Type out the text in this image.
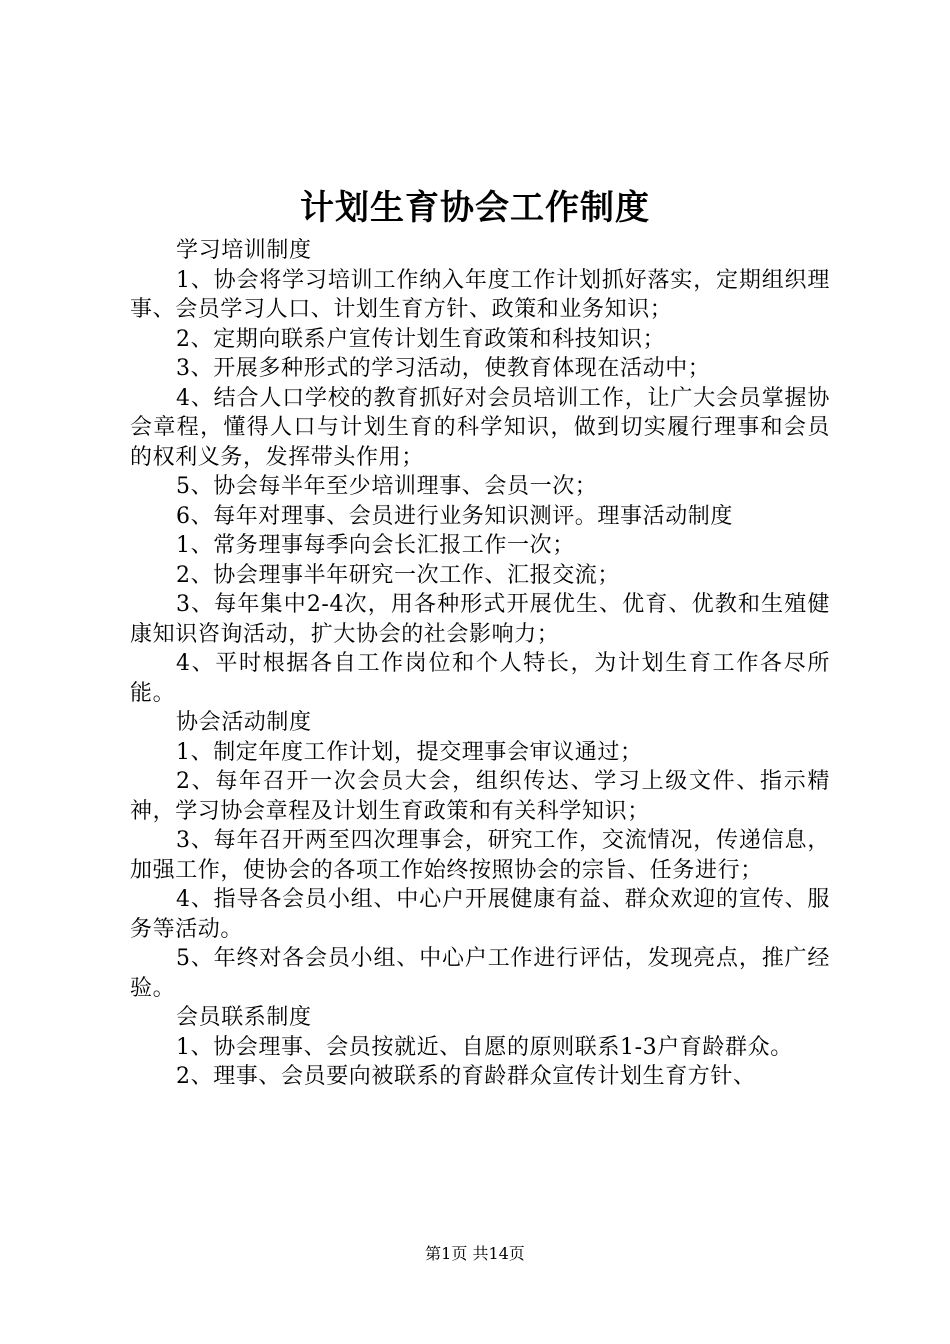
计划生育协会工作制度

学习培训制度

1、协会将学习培训工作纳入年度工作计划抓好落实，定期组织理事、会员学习人口、计划生育方针、政策和业务知识；

2、定期向联系户宣传计划生育政策和科技知识；

3、开展多种形式的学习活动，使教育体现在活动中；

4、结合人口学校的教育抓好对会员培训工作，让广大会员掌握协会章程，懂得人口与计划生育的科学知识，做到切实履行理事和会员的权利义务，发挥带头作用；

5、协会每半年至少培训理事、会员一次；

6、每年对理事、会员进行业务知识测评。理事活动制度

1、常务理事每季向会长汇报工作一次；

2、协会理事半年研究一次工作、汇报交流；

3、每年集中2-4次，用各种形式开展优生、优育、优教和生殖健康知识咨询活动，扩大协会的社会影响力；

4、平时根据各自工作岗位和个人特长，为计划生育工作各尽所能。

协会活动制度

1、制定年度工作计划，提交理事会审议通过；

2、每年召开一次会员大会，组织传达、学习上级文件、指示精神，学习协会章程及计划生育政策和有关科学知识；

3、每年召开两至四次理事会，研究工作，交流情况，传递信息，加强工作，使协会的各项工作始终按照协会的宗旨、任务进行；

4、指导各会员小组、中心户开展健康有益、群众欢迎的宣传、服务等活动。

5、年终对各会员小组、中心户工作进行评估，发现亮点，推广经验。

会员联系制度

1、协会理事、会员按就近、自愿的原则联系1-3户育龄群众。

2、理事、会员要向被联系的育龄群众宣传计划生育方针、

第1页 共14页
